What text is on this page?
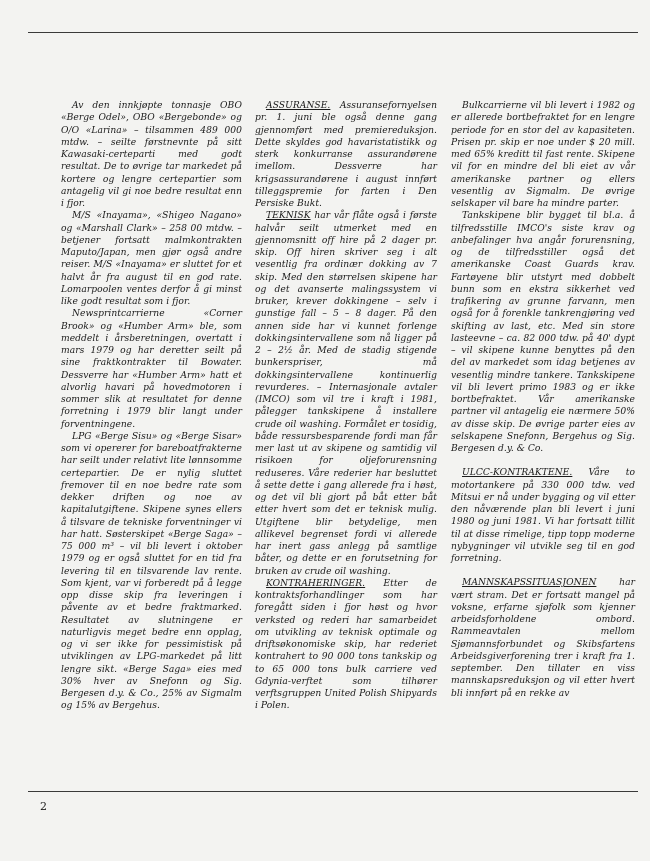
Av den innkjøpte tonnasje OBO «Berge Odel», OBO «Bergebonde» og O/O «Larina» – tilsammen 489 000 mtdw. – seilte førstnevnte på sitt Kawasaki-certeparti med godt resultat. De to øvrige tar markedet på kortere og lengre certepartier som antagelig vil gi noe bedre resultat enn i fjor.

M/S «Inayama», «Shigeo Nagano» og «Marshall Clark» – 258 00 mtdw. – betjener fortsatt malmkontrakten Maputo/Japan, men gjør også andre reiser. M/S «Inayama» er sluttet for et halvt år fra august til en god rate. Lomarpoolen ventes derfor å gi minst like godt resultat som i fjor.

Newsprintcarrierne «Corner Brook» og «Humber Arm» ble, som meddelt i årsberetningen, overtatt i mars 1979 og har deretter seilt på sine fraktkontrakter til Bowater. Dessverre har «Humber Arm» hatt et alvorlig havari på hovedmotoren i sommer slik at resultatet for denne forretning i 1979 blir langt under forventningene.

LPG «Berge Sisu» og «Berge Sisar» som vi opererer for bareboatfrakterne har seilt under relativt lite lønnsomme certepartier. De er nylig sluttet fremover til en noe bedre rate som dekker driften og noe av kapitalutgiftene. Skipene synes ellers å tilsvare de tekniske forventninger vi har hatt. Søsterskipet «Berge Saga» – 75 000 m³ – vil bli levert i oktober 1979 og er også sluttet for en tid fra levering til en tilsvarende lav rente. Som kjent, var vi forberedt på å legge opp disse skip fra leveringen i påvente av et bedre fraktmarked. Resultatet av slutningene er naturligvis meget bedre enn opplag, og vi ser ikke for pessimistisk på utviklingen av LPG-markedet på litt lengre sikt. «Berge Saga» eies med 30% hver av Snefonn og Sig. Bergesen d.y. & Co., 25% av Sigmalm og 15% av Bergehus.

ASSURANSE. Assuransefornyelsen pr. 1. juni ble også denne gang gjennomført med premiereduksjon. Dette skyldes god havaristatistikk og sterk konkurranse assurandørene imellom. Dessverre har krigsassurandørene i august innført tilleggspremie for farten i Den Persiske Bukt.

TEKNISK har vår flåte også i første halvår seilt utmerket med en gjennomsnitt off hire på 2 dager pr. skip. Off hiren skriver seg i alt vesentlig fra ordinær dokking av 7 skip. Med den størrelsen skipene har og det avanserte malingssystem vi bruker, krever dokkingene – selv i gunstige fall – 5 – 8 dager. På den annen side har vi kunnet forlenge dokkingsintervallene som nå ligger på 2 – 2½ år. Med de stadig stigende bunkerspriser, må dokkingsintervallene kontinuerlig revurderes. – Internasjonale avtaler (IMCO) som vil tre i kraft i 1981, pålegger tankskipene å installere crude oil washing. Formålet er tosidig, både ressursbesparende fordi man får mer last ut av skipene og samtidig vil risikoen for oljeforurensning reduseres. Våre rederier har besluttet å sette dette i gang allerede fra i høst, og det vil bli gjort på båt etter båt etter hvert som det er teknisk mulig. Utgiftene blir betydelige, men allikevel begrenset fordi vi allerede har inert gass anlegg på samtlige båter, og dette er en forutsetning for bruken av crude oil washing.

KONTRAHERINGER. Etter de kontraktsforhandlinger som har foregått siden i fjor høst og hvor verksted og rederi har samarbeidet om utvikling av teknisk optimale og driftsøkonomiske skip, har rederiet kontrahert to 90 000 tons tankskip og to 65 000 tons bulk carriere ved Gdynia-verftet som tilhører verftsgruppen United Polish Shipyards i Polen.

Bulkcarrierne vil bli levert i 1982 og er allerede bortbefraktet for en lengre periode for en stor del av kapasiteten. Prisen pr. skip er noe under $ 20 mill. med 65% kreditt til fast rente. Skipene vil for en mindre del bli eiet av vår amerikanske partner og ellers vesentlig av Sigmalm. De øvrige selskaper vil bare ha mindre parter.

Tankskipene blir bygget til bl.a. å tilfredsstille IMCO's siste krav og anbefalinger hva angår forurensning, og de tilfredsstiller også det amerikanske Coast Guards krav. Fartøyene blir utstyrt med dobbelt bunn som en ekstra sikkerhet ved trafikering av grunne farvann, men også for å forenkle tankrengjøring ved skifting av last, etc. Med sin store lasteevne – ca. 82 000 tdw. på 40' dypt – vil skipene kunne benyttes på den del av markedet som idag betjenes av vesentlig mindre tankere. Tankskipene vil bli levert primo 1983 og er ikke bortbefraktet. Vår amerikanske partner vil antagelig eie nærmere 50% av disse skip. De øvrige parter eies av selskapene Snefonn, Bergehus og Sig. Bergesen d.y. & Co.

ULCC-KONTRAKTENE. Våre to motortankere på 330 000 tdw. ved Mitsui er nå under bygging og vil etter den nåværende plan bli levert i juni 1980 og juni 1981. Vi har fortsatt tillit til at disse rimelige, tipp topp moderne nybygninger vil utvikle seg til en god forretning.

MANNSKAPSSITUASJONEN har vært stram. Det er fortsatt mangel på voksne, erfarne sjøfolk som kjenner arbeidsforholdene ombord. Rammeavtalen mellom Sjømannsforbundet og Skibsfartens Arbeidsgiverforening trer i kraft fra 1. september. Den tillater en viss mannskapsreduksjon og vil etter hvert bli innført på en rekke av

2
